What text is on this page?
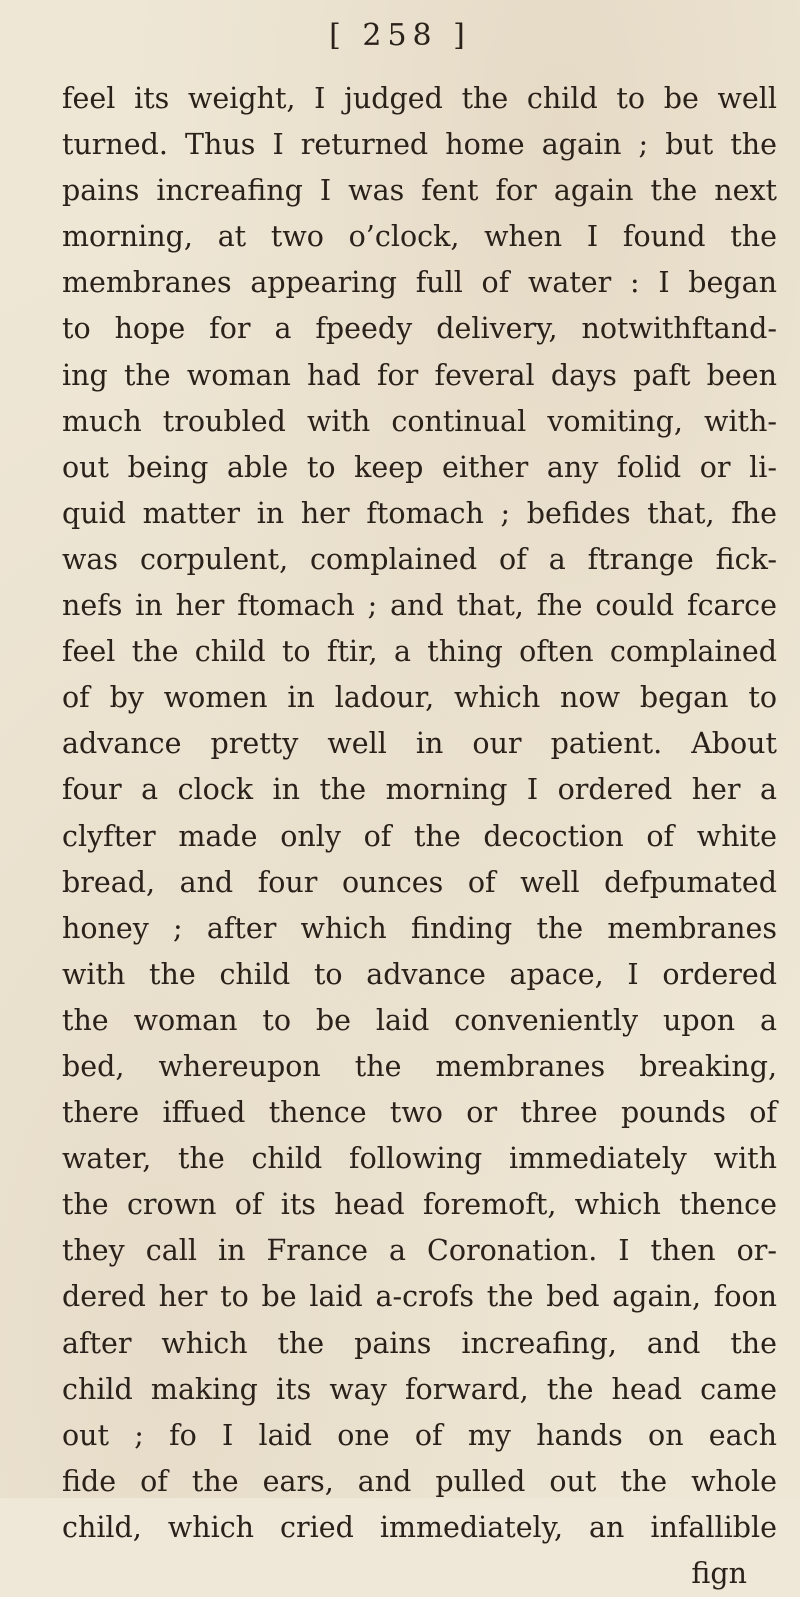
[ 258 ]
feel its weight, I judged the child to be well
turned. Thus I returned home again ; but the
pains increafing I was fent for again the next
morning, at two o’clock, when I found the
membranes appearing full of water : I began
to hope for a fpeedy delivery, notwithftand-
ing the woman had for feveral days paft been
much troubled with continual vomiting, with-
out being able to keep either any folid or li-
quid matter in her ftomach ; befides that, fhe
was corpulent, complained of a ftrange fick-
nefs in her ftomach ; and that, fhe could fcarce
feel the child to ftir, a thing often complained
of by women in ladour, which now began to
advance pretty well in our patient. About
four a clock in the morning I ordered her a
clyfter made only of the decoction of white
bread, and four ounces of well defpumated
honey ; after which finding the membranes
with the child to advance apace, I ordered
the woman to be laid conveniently upon a
bed, whereupon the membranes breaking,
there iffued thence two or three pounds of
water, the child following immediately with
the crown of its head foremoft, which thence
they call in France a Coronation. I then or-
dered her to be laid a-crofs the bed again, foon
after which the pains increafing, and the
child making its way forward, the head came
out ; fo I laid one of my hands on each
fide of the ears, and pulled out the whole
child, which cried immediately, an infallible
fign
